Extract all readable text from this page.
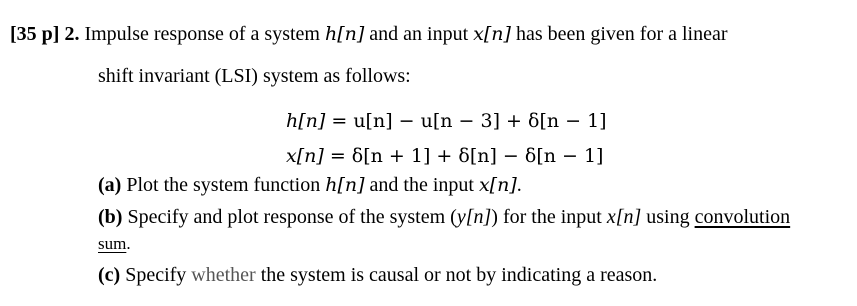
[35 p] 2. Impulse response of a system h[n] and an input x[n] has been given for a linear
shift invariant (LSI) system as follows:
h[n] = u[n] − u[n − 3] + δ[n − 1]
x[n] = δ[n + 1] + δ[n] − δ[n − 1]
(a) Plot the system function h[n] and the input x[n].
(b) Specify and plot response of the system (y[n]) for the input x[n] using convolution
sum.
(c) Specify whether the system is causal or not by indicating a reason.
